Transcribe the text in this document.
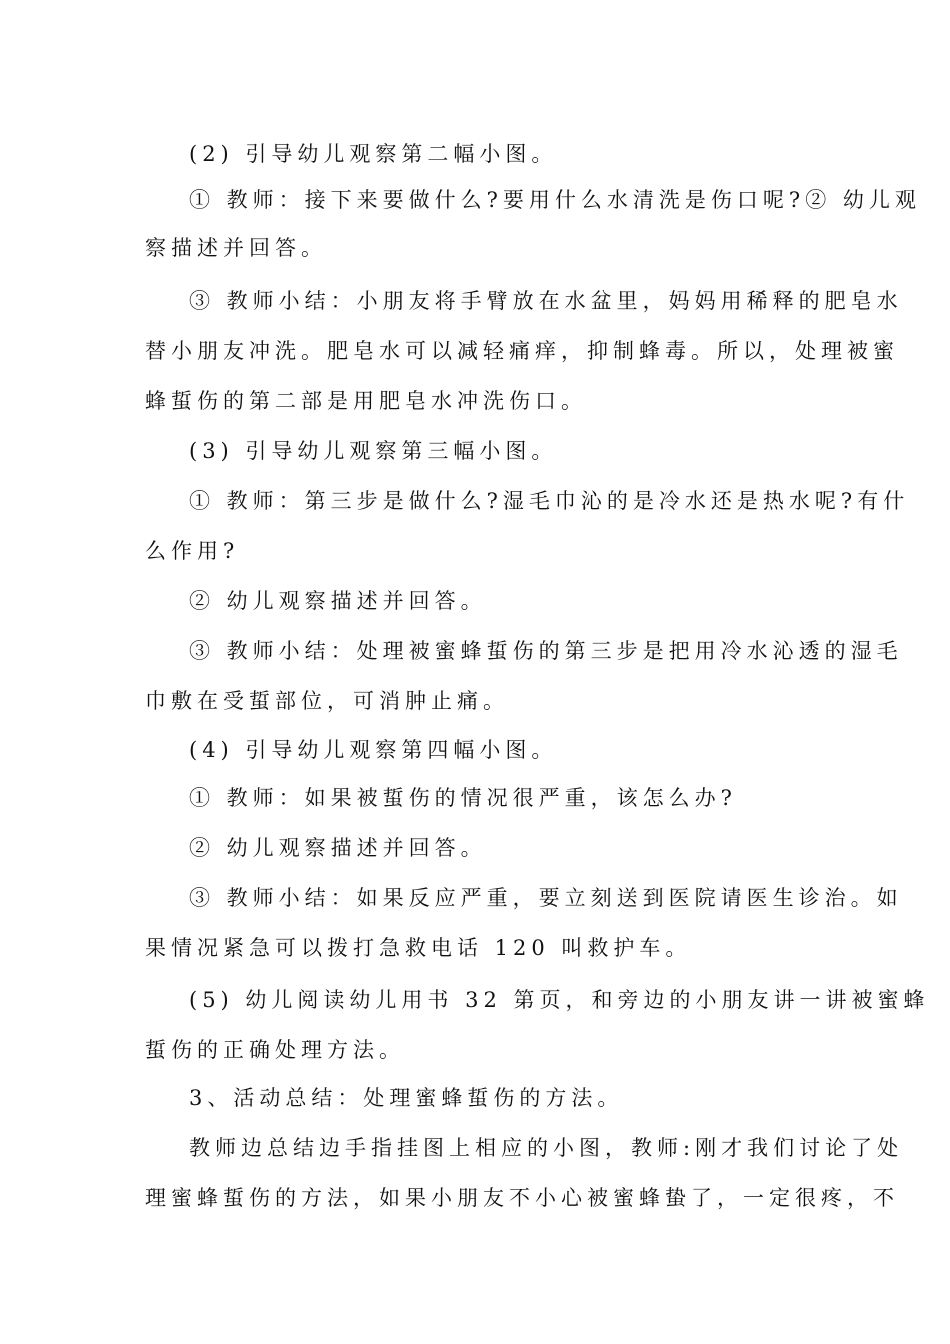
(2) 引导幼儿观察第二幅小图。
① 教师：接下来要做什么?要用什么水清洗是伤口呢?② 幼儿观
察描述并回答。
③ 教师小结：小朋友将手臂放在水盆里，妈妈用稀释的肥皂水
替小朋友冲洗。肥皂水可以减轻痛痒，抑制蜂毒。所以，处理被蜜
蜂蜇伤的第二部是用肥皂水冲洗伤口。
(3) 引导幼儿观察第三幅小图。
① 教师：第三步是做什么?湿毛巾沁的是冷水还是热水呢?有什
么作用?
② 幼儿观察描述并回答。
③ 教师小结：处理被蜜蜂蜇伤的第三步是把用冷水沁透的湿毛
巾敷在受蜇部位，可消肿止痛。
(4) 引导幼儿观察第四幅小图。
① 教师：如果被蜇伤的情况很严重，该怎么办?
② 幼儿观察描述并回答。
③ 教师小结：如果反应严重，要立刻送到医院请医生诊治。如
果情况紧急可以拨打急救电话 120 叫救护车。
(5) 幼儿阅读幼儿用书 32 第页，和旁边的小朋友讲一讲被蜜蜂
蜇伤的正确处理方法。
3、活动总结：处理蜜蜂蜇伤的方法。
教师边总结边手指挂图上相应的小图，教师:刚才我们讨论了处
理蜜蜂蜇伤的方法，如果小朋友不小心被蜜蜂蛰了，一定很疼，不
